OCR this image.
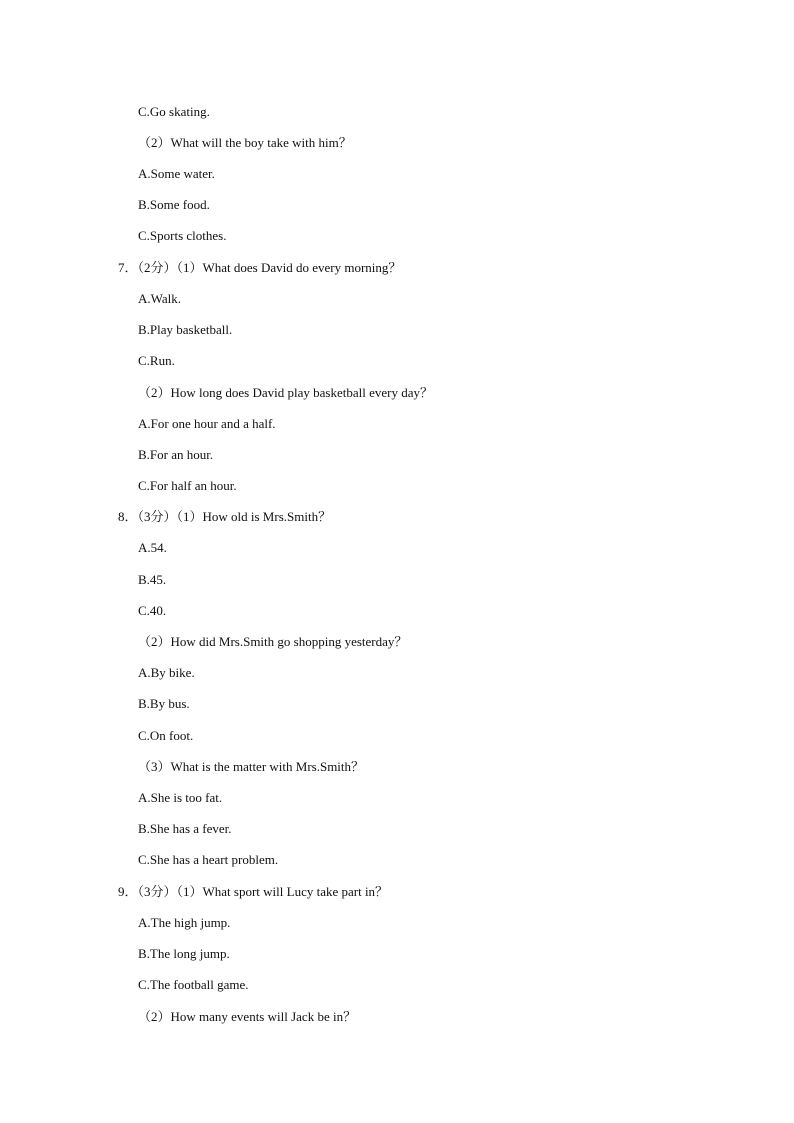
C.Go skating.
（2）What will the boy take with him？
A.Some water.
B.Some food.
C.Sports clothes.
7．（2分）（1）What does David do every morning？
A.Walk.
B.Play basketball.
C.Run.
（2）How long does David play basketball every day？
A.For one hour and a half.
B.For an hour.
C.For half an hour.
8．（3分）（1）How old is Mrs.Smith？
A.54.
B.45.
C.40.
（2）How did Mrs.Smith go shopping yesterday？
A.By bike.
B.By bus.
C.On foot.
（3）What is the matter with Mrs.Smith？
A.She is too fat.
B.She has a fever.
C.She has a heart problem.
9．（3分）（1）What sport will Lucy take part in？
A.The high jump.
B.The long jump.
C.The football game.
（2）How many events will Jack be in？
